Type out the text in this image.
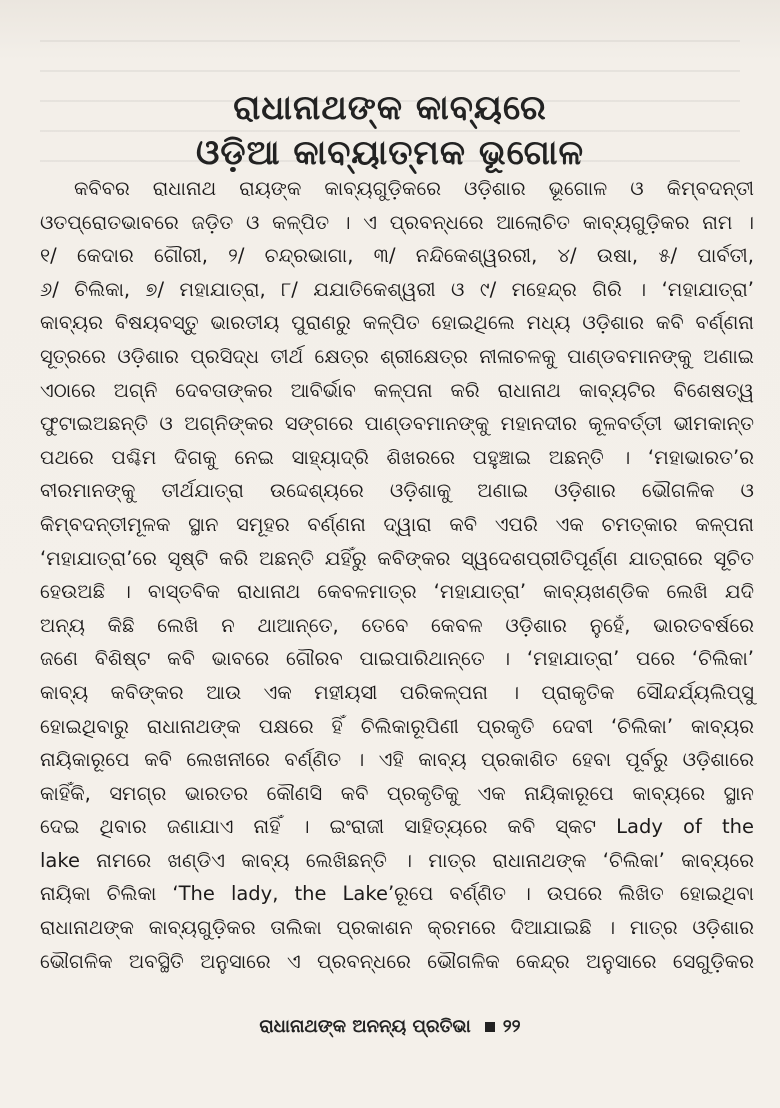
ରାଧାନାଥଙ୍କ କାବ୍ୟରେ
ଓଡ଼ିଆ କାବ୍ୟାତ୍ମକ ଭୂଗୋଳ
କବିବର ରାଧାନାଥ ରାୟଙ୍କ କାବ୍ୟଗୁଡ଼ିକରେ ଓଡ଼ିଶାର ଭୂଗୋଳ ଓ କିମ୍ବଦନ୍ତୀ
ଓତପ୍ରୋତଭାବରେ ଜଡ଼ିତ ଓ କଳ୍ପିତ । ଏ ପ୍ରବନ୍ଧରେ ଆଲୋଚିତ କାବ୍ୟଗୁଡ଼ିକର ନାମ ।
୧/ କେଦାର ଗୌରୀ, ୨/ ଚନ୍ଦ୍ରଭାଗା, ୩/ ନନ୍ଦିକେଶ୍ୱରରୀ, ୪/ ଉଷା, ୫/ ପାର୍ବତୀ,
୬/ ଚିଲିକା, ୭/ ମହାଯାତ୍ରା, ୮/ ଯଯାତିକେଶ୍ୱରୀ ଓ ୯/ ମହେନ୍ଦ୍ର ଗିରି । ‘ମହାଯାତ୍ରା’
କାବ୍ୟର ବିଷୟବସ୍ତୁ ଭାରତୀୟ ପୁରାଣରୁ କଳ୍ପିତ ହୋଇଥିଲେ ମଧ୍ୟ ଓଡ଼ିଶାର କବି ବର୍ଣ୍ଣନା
ସୂତ୍ରରେ ଓଡ଼ିଶାର ପ୍ରସିଦ୍ଧ ତୀର୍ଥ କ୍ଷେତ୍ର ଶ୍ରୀକ୍ଷେତ୍ର ନୀଳାଚଳକୁ ପାଣ୍ଡବମାନଙ୍କୁ ଅଣାଇ
ଏଠାରେ ଅଗ୍ନି ଦେବତାଙ୍କର ଆବିର୍ଭାବ କଳ୍ପନା କରି ରାଧାନାଥ କାବ୍ୟଟିର ବିଶେଷତ୍ୱ
ଫୁଟାଇଅଛନ୍ତି ଓ ଅଗ୍ନିଙ୍କର ସଙ୍ଗରେ ପାଣ୍ଡବମାନଙ୍କୁ ମହାନଦୀର କୂଳବର୍ତ୍ତୀ ଭୀମକାନ୍ତ
ପଥରେ ପଶ୍ଚିମ ଦିଗକୁ ନେଇ ସାହ୍ୟାଦ୍ରି ଶିଖରରେ ପହୁଞ୍ଚାଇ ଅଛନ୍ତି । ‘ମହାଭାରତ’ର
ବୀରମାନଙ୍କୁ ତୀର୍ଥଯାତ୍ରା ଉଦ୍ଦେଶ୍ୟରେ ଓଡ଼ିଶାକୁ ଅଣାଇ ଓଡ଼ିଶାର ଭୌଗଳିକ ଓ
କିମ୍ବଦନ୍ତୀମୂଳକ ସ୍ଥାନ ସମୂହର ବର୍ଣ୍ଣନା ଦ୍ୱାରା କବି ଏପରି ଏକ ଚମତ୍କାର କଳ୍ପନା
‘ମହାଯାତ୍ରା’ରେ ସୃଷ୍ଟି କରି ଅଛନ୍ତି ଯହିଁରୁ କବିଙ୍କର ସ୍ୱଦେଶପ୍ରୀତିପୂର୍ଣ୍ଣ ଯାତ୍ରାରେ ସୂଚିତ
ହେଉଅଛି । ବାସ୍ତବିକ ରାଧାନାଥ କେବଳମାତ୍ର ‘ମହାଯାତ୍ରା’ କାବ୍ୟଖଣ୍ଡିକ ଲେଖି ଯଦି
ଅନ୍ୟ କିଛି ଲେଖି ନ ଥାଆନ୍ତେ, ତେବେ କେବଳ ଓଡ଼ିଶାର ନୁହେଁ, ଭାରତବର୍ଷରେ
ଜଣେ ବିଶିଷ୍ଟ କବି ଭାବରେ ଗୌରବ ପାଇପାରିଥାନ୍ତେ । ‘ମହାଯାତ୍ରା’ ପରେ ‘ଚିଲିକା’
କାବ୍ୟ କବିଙ୍କର ଆଉ ଏକ ମହୀୟସୀ ପରିକଳ୍ପନା । ପ୍ରାକୃତିକ ସୌନ୍ଦର୍ଯ୍ୟଲିପ୍ସୁ
ହୋଇଥିବାରୁ ରାଧାନାଥଙ୍କ ପକ୍ଷରେ ହିଁ ଚିଲିକାରୂପିଣୀ ପ୍ରକୃତି ଦେବୀ ‘ଚିଲିକା’ କାବ୍ୟର
ନାୟିକାରୂପେ କବି ଲେଖନୀରେ ବର୍ଣ୍ଣିତ । ଏହି କାବ୍ୟ ପ୍ରକାଶିତ ହେବା ପୂର୍ବରୁ ଓଡ଼ିଶାରେ
କାହିଁକି, ସମଗ୍ର ଭାରତର କୌଣସି କବି ପ୍ରକୃତିକୁ ଏକ ନାୟିକାରୂପେ କାବ୍ୟରେ ସ୍ଥାନ
ଦେଇ ଥିବାର ଜଣାଯାଏ ନାହିଁ । ଇଂରାଜୀ ସାହିତ୍ୟରେ କବି ସ୍କଟ Lady of the
lake ନାମରେ ଖଣ୍ଡିଏ କାବ୍ୟ ଲେଖିଛନ୍ତି । ମାତ୍ର ରାଧାନାଥଙ୍କ ‘ଚିଲିକା’ କାବ୍ୟରେ
ନାୟିକା ଚିଲିକା ‘The lady, the Lake’ରୂପେ ବର୍ଣ୍ଣିତ । ଉପରେ ଲିଖିତ ହୋଇଥିବା
ରାଧାନାଥଙ୍କ କାବ୍ୟଗୁଡ଼ିକର ତାଲିକା ପ୍ରକାଶନ କ୍ରମରେ ଦିଆଯାଇଛି । ମାତ୍ର ଓଡ଼ିଶାର
ଭୌଗଳିକ ଅବସ୍ଥିତି ଅନୁସାରେ ଏ ପ୍ରବନ୍ଧରେ ଭୌଗଳିକ କେନ୍ଦ୍ର ଅନୁସାରେ ସେଗୁଡ଼ିକର
ରାଧାନାଥଙ୍କ ଅନନ୍ୟ ପ୍ରତିଭା ୨୨
